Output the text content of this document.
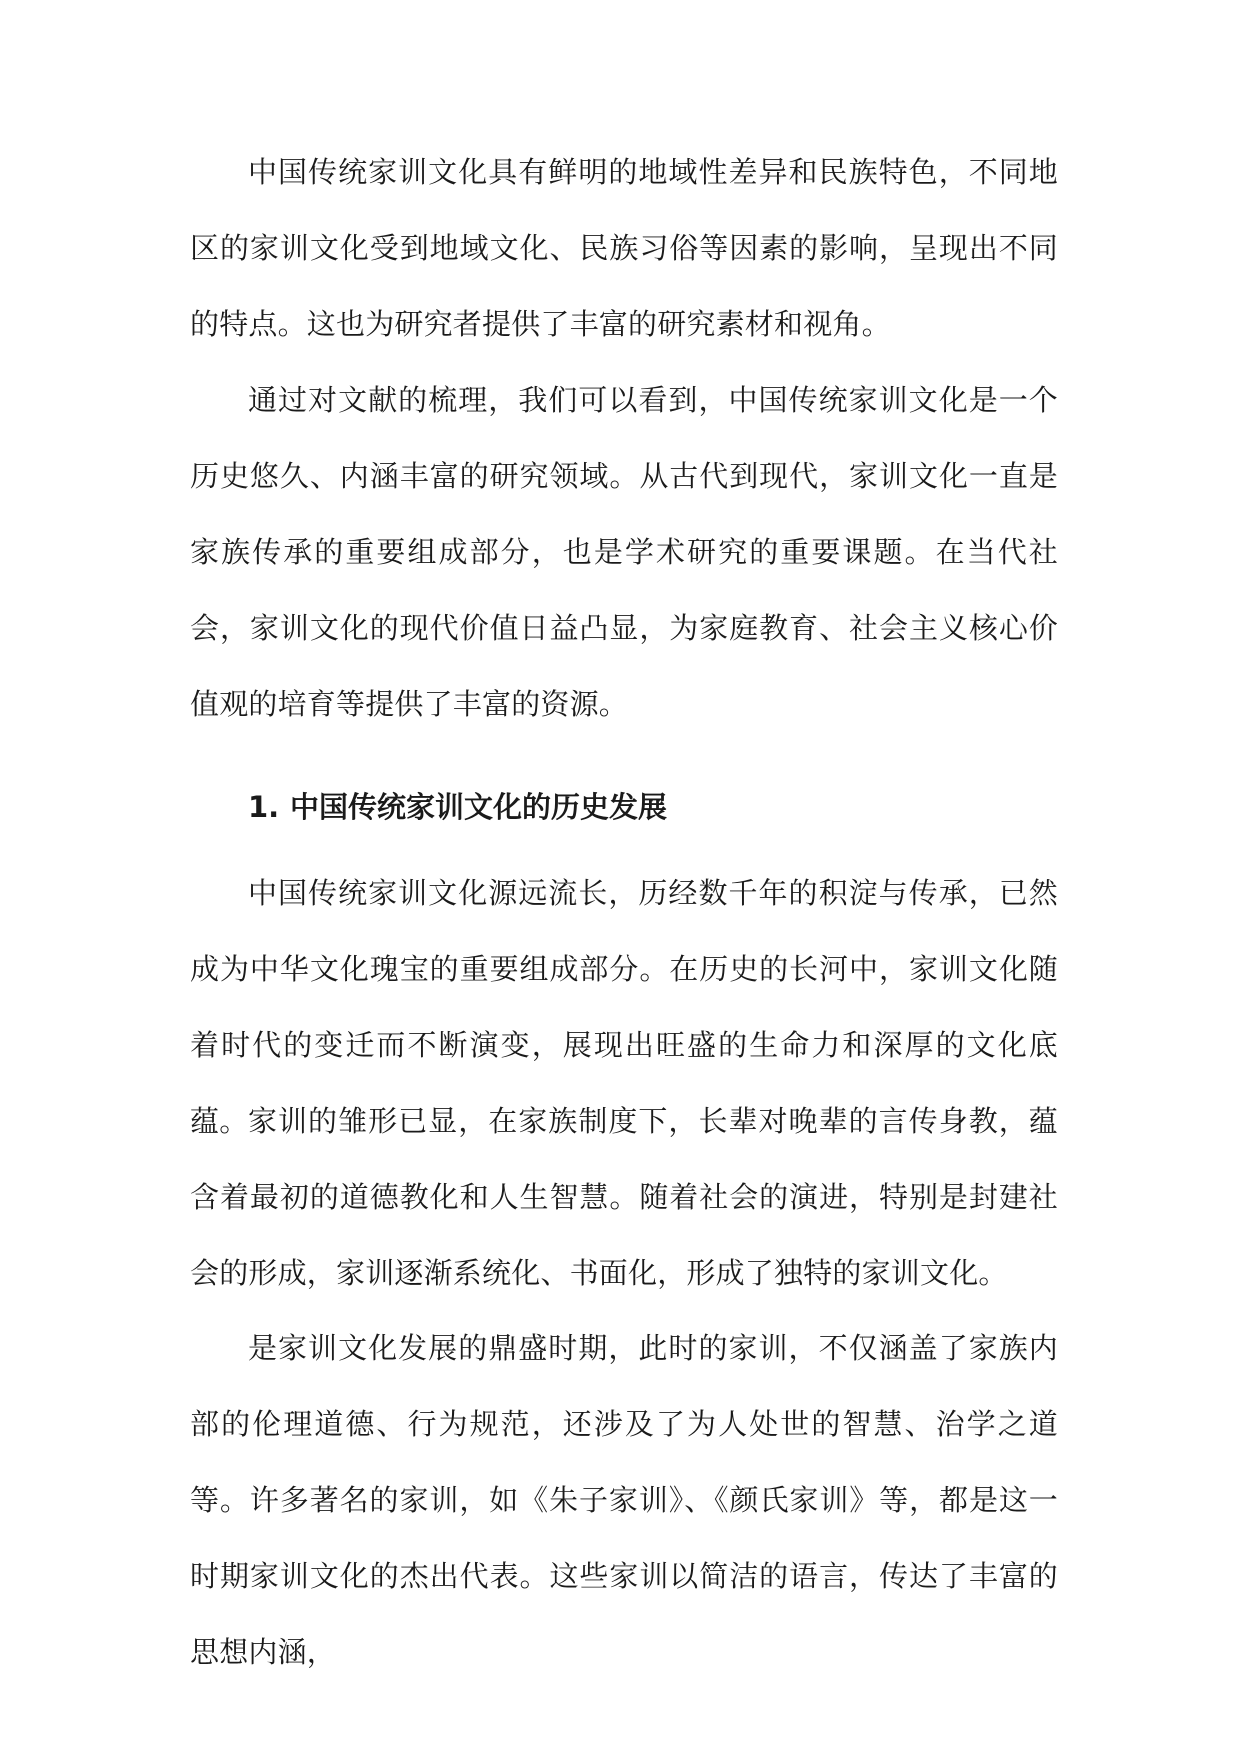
中国传统家训文化具有鲜明的地域性差异和民族特色，不同地区的家训文化受到地域文化、民族习俗等因素的影响，呈现出不同的特点。这也为研究者提供了丰富的研究素材和视角。

通过对文献的梳理，我们可以看到，中国传统家训文化是一个历史悠久、内涵丰富的研究领域。从古代到现代，家训文化一直是家族传承的重要组成部分，也是学术研究的重要课题。在当代社会，家训文化的现代价值日益凸显，为家庭教育、社会主义核心价值观的培育等提供了丰富的资源。

1. 中国传统家训文化的历史发展

中国传统家训文化源远流长，历经数千年的积淀与传承，已然成为中华文化瑰宝的重要组成部分。在历史的长河中，家训文化随着时代的变迁而不断演变，展现出旺盛的生命力和深厚的文化底蕴。 家训的雏形已显，在家族制度下，长辈对晚辈的言传身教，蕴含着最初的道德教化和人生智慧。随着社会的演进，特别是封建社会的形成，家训逐渐系统化、书面化，形成了独特的家训文化。

是家训文化发展的鼎盛时期，此时的家训，不仅涵盖了家族内部的伦理道德、行为规范，还涉及了为人处世的智慧、治学之道等。许多著名的家训，如《朱子家训》、《颜氏家训》等，都是这一时期家训文化的杰出代表。这些家训以简洁的语言，传达了丰富的思想内涵，
